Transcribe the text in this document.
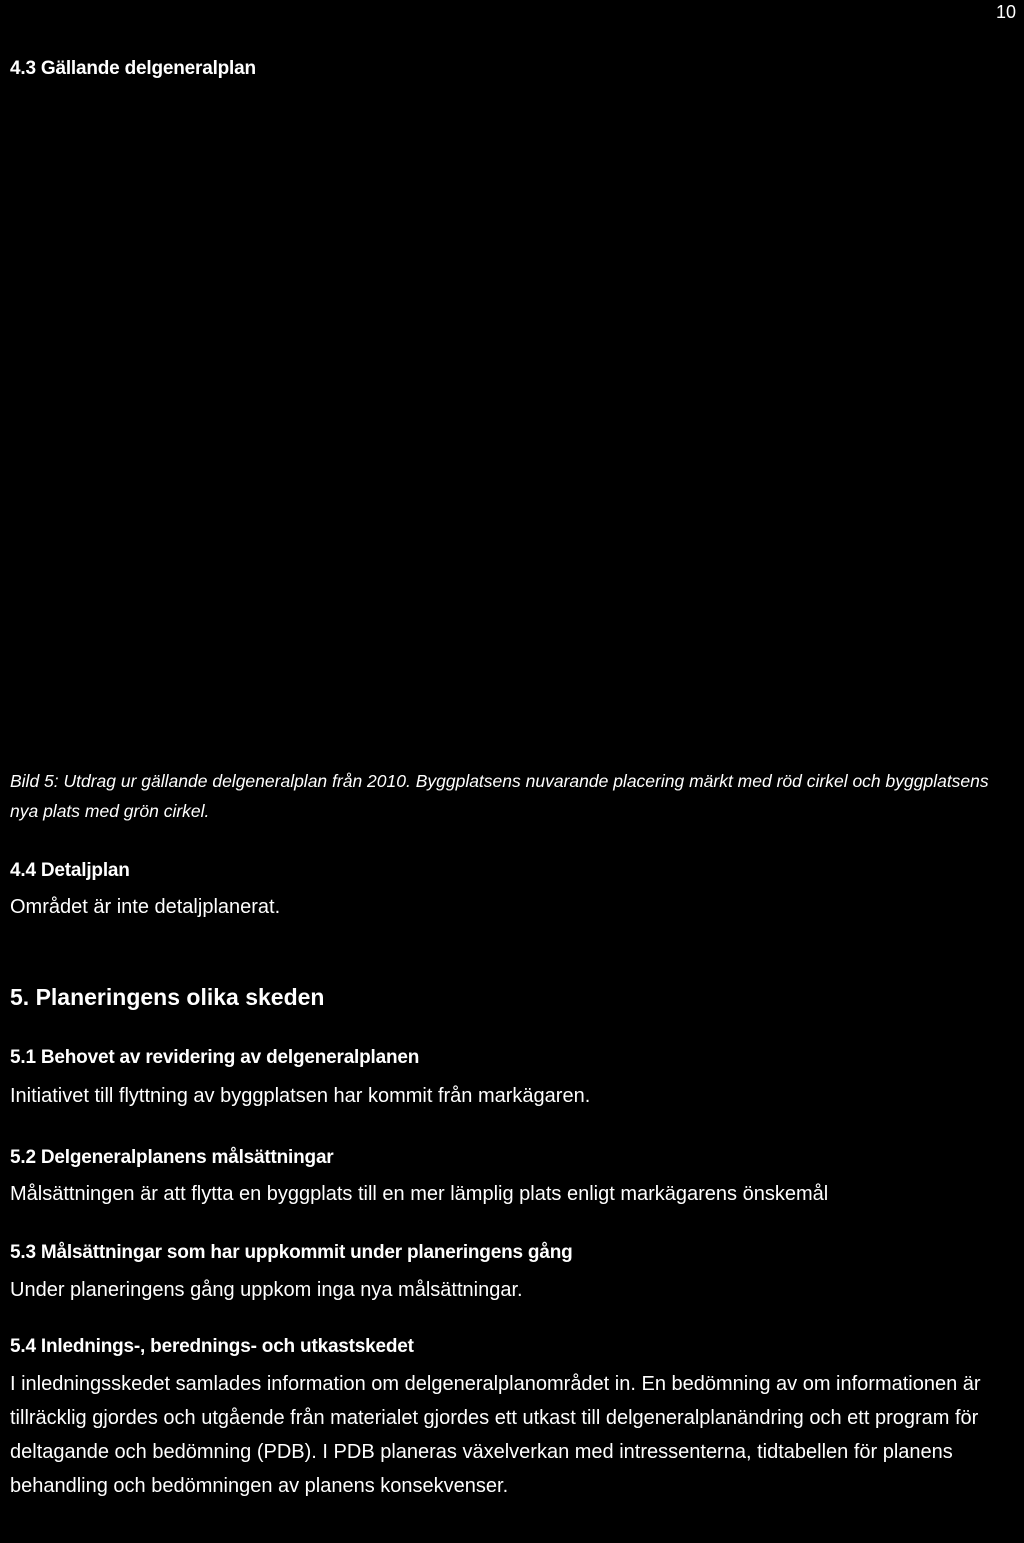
10
4.3 Gällande delgeneralplan
Bild 5: Utdrag ur gällande delgeneralplan från 2010. Byggplatsens nuvarande placering märkt med röd cirkel och byggplatsens nya plats med grön cirkel.
4.4 Detaljplan
Området är inte detaljplanerat.
5. Planeringens olika skeden
5.1 Behovet av revidering av delgeneralplanen
Initiativet till flyttning av byggplatsen har kommit från markägaren.
5.2 Delgeneralplanens målsättningar
Målsättningen är att flytta en byggplats till en mer lämplig plats enligt markägarens önskemål
5.3 Målsättningar som har uppkommit under planeringens gång
Under planeringens gång uppkom inga nya målsättningar.
5.4 Inlednings-, berednings- och utkastskedet
I inledningsskedet samlades information om delgeneralplanområdet in. En bedömning av om informationen är tillräcklig gjordes och utgående från materialet gjordes ett utkast till delgeneralplanändring och ett program för deltagande och bedömning (PDB). I PDB planeras växelverkan med intressenterna, tidtabellen för planens behandling och bedömningen av planens konsekvenser.
